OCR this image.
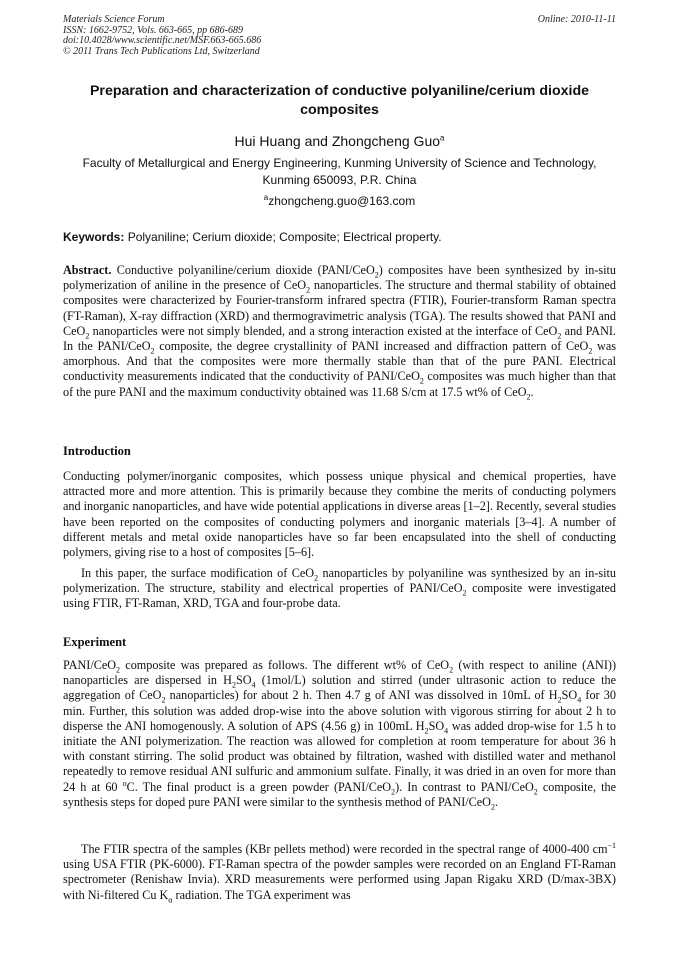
Materials Science Forum
ISSN: 1662-9752, Vols. 663-665, pp 686-689
doi:10.4028/www.scientific.net/MSF.663-665.686
© 2011 Trans Tech Publications Ltd, Switzerland
Online: 2010-11-11
Preparation and characterization of conductive polyaniline/cerium dioxide composites
Hui Huang and Zhongcheng Guo$^a$
Faculty of Metallurgical and Energy Engineering, Kunming University of Science and Technology, Kunming 650093, P.R. China
$^a$zhongcheng.guo@163.com
Keywords: Polyaniline; Cerium dioxide; Composite; Electrical property.
Abstract. Conductive polyaniline/cerium dioxide (PANI/CeO$_2$) composites have been synthesized by in-situ polymerization of aniline in the presence of CeO$_2$ nanoparticles. The structure and thermal stability of obtained composites were characterized by Fourier-transform infrared spectra (FTIR), Fourier-transform Raman spectra (FT-Raman), X-ray diffraction (XRD) and thermogravimetric analysis (TGA). The results showed that PANI and CeO$_2$ nanoparticles were not simply blended, and a strong interaction existed at the interface of CeO$_2$ and PANI. In the PANI/CeO$_2$ composite, the degree crystallinity of PANI increased and diffraction pattern of CeO$_2$ was amorphous. And that the composites were more thermally stable than that of the pure PANI. Electrical conductivity measurements indicated that the conductivity of PANI/CeO$_2$ composites was much higher than that of the pure PANI and the maximum conductivity obtained was 11.68 S/cm at 17.5 wt% of CeO$_2$.
Introduction
Conducting polymer/inorganic composites, which possess unique physical and chemical properties, have attracted more and more attention. This is primarily because they combine the merits of conducting polymers and inorganic nanoparticles, and have wide potential applications in diverse areas [1–2]. Recently, several studies have been reported on the composites of conducting polymers and inorganic materials [3–4]. A number of different metals and metal oxide nanoparticles have so far been encapsulated into the shell of conducting polymers, giving rise to a host of composites [5–6].
In this paper, the surface modification of CeO$_2$ nanoparticles by polyaniline was synthesized by an in-situ polymerization. The structure, stability and electrical properties of PANI/CeO$_2$ composite were investigated using FTIR, FT-Raman, XRD, TGA and four-probe data.
Experiment
PANI/CeO$_2$ composite was prepared as follows. The different wt% of CeO$_2$ (with respect to aniline (ANI)) nanoparticles are dispersed in $H_2SO_4$ (1mol/L) solution and stirred (under ultrasonic action to reduce the aggregation of CeO$_2$ nanoparticles) for about 2 h. Then 4.7 g of ANI was dissolved in 10mL of $H_2SO_4$ for 30 min. Further, this solution was added drop-wise into the above solution with vigorous stirring for about 2 h to disperse the ANI homogenously. A solution of APS (4.56 g) in 100mL $H_2SO_4$ was added drop-wise for 1.5 h to initiate the ANI polymerization. The reaction was allowed for completion at room temperature for about 36 h with constant stirring. The solid product was obtained by filtration, washed with distilled water and methanol repeatedly to remove residual ANI sulfuric and ammonium sulfate. Finally, it was dried in an oven for more than 24 h at 60 $^o$C. The final product is a green powder (PANI/CeO$_2$). In contrast to PANI/CeO$_2$ composite, the synthesis steps for doped pure PANI were similar to the synthesis method of PANI/CeO$_2$.
The FTIR spectra of the samples (KBr pellets method) were recorded in the spectral range of 4000-400 $cm^{-1}$ using USA FTIR (PK-6000). FT-Raman spectra of the powder samples were recorded on an England FT-Raman spectrometer (Renishaw Invia). XRD measurements were performed using Japan Rigaku XRD (D/max-3BX) with Ni-filtered Cu $K_\alpha$ radiation. The TGA experiment was
